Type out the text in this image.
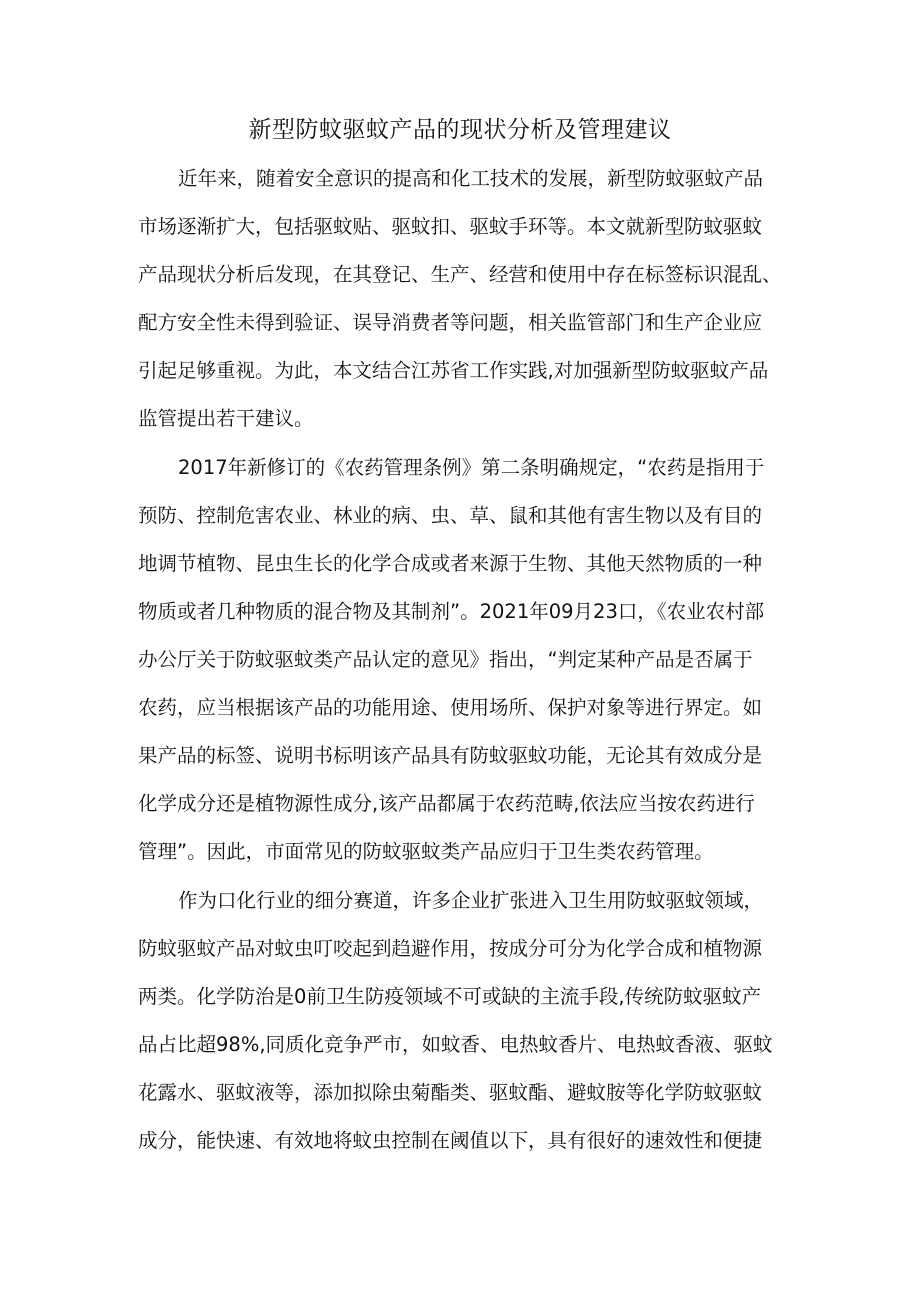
新型防蚊驱蚊产品的现状分析及管理建议
近年来，随着安全意识的提高和化工技术的发展，新型防蚊驱蚊产品
市场逐渐扩大，包括驱蚊贴、驱蚊扣、驱蚊手环等。本文就新型防蚊驱蚊
产品现状分析后发现，在其登记、生产、经营和使用中存在标签标识混乱、
配方安全性未得到验证、误导消费者等问题，相关监管部门和生产企业应
引起足够重视。为此，本文结合江苏省工作实践,对加强新型防蚊驱蚊产品
监管提出若干建议。
2017年新修订的《农药管理条例》第二条明确规定，“农药是指用于
预防、控制危害农业、林业的病、虫、草、鼠和其他有害生物以及有目的
地调节植物、昆虫生长的化学合成或者来源于生物、其他天然物质的一种
物质或者几种物质的混合物及其制剂”。2021年09月23口，《农业农村部
办公厅关于防蚊驱蚊类产品认定的意见》指出，“判定某种产品是否属于
农药，应当根据该产品的功能用途、使用场所、保护对象等进行界定。如
果产品的标签、说明书标明该产品具有防蚊驱蚊功能，无论其有效成分是
化学成分还是植物源性成分,该产品都属于农药范畴,依法应当按农药进行
管理”。因此，市面常见的防蚊驱蚊类产品应归于卫生类农药管理。
作为口化行业的细分赛道，许多企业扩张进入卫生用防蚊驱蚊领域，
防蚊驱蚊产品对蚊虫叮咬起到趋避作用，按成分可分为化学合成和植物源
两类。化学防治是0前卫生防疫领域不可或缺的主流手段,传统防蚊驱蚊产
品占比超98%,同质化竞争严市，如蚊香、电热蚊香片、电热蚊香液、驱蚊
花露水、驱蚊液等，添加拟除虫菊酯类、驱蚊酯、避蚊胺等化学防蚊驱蚊
成分，能快速、有效地将蚊虫控制在阈值以下，具有很好的速效性和便捷
